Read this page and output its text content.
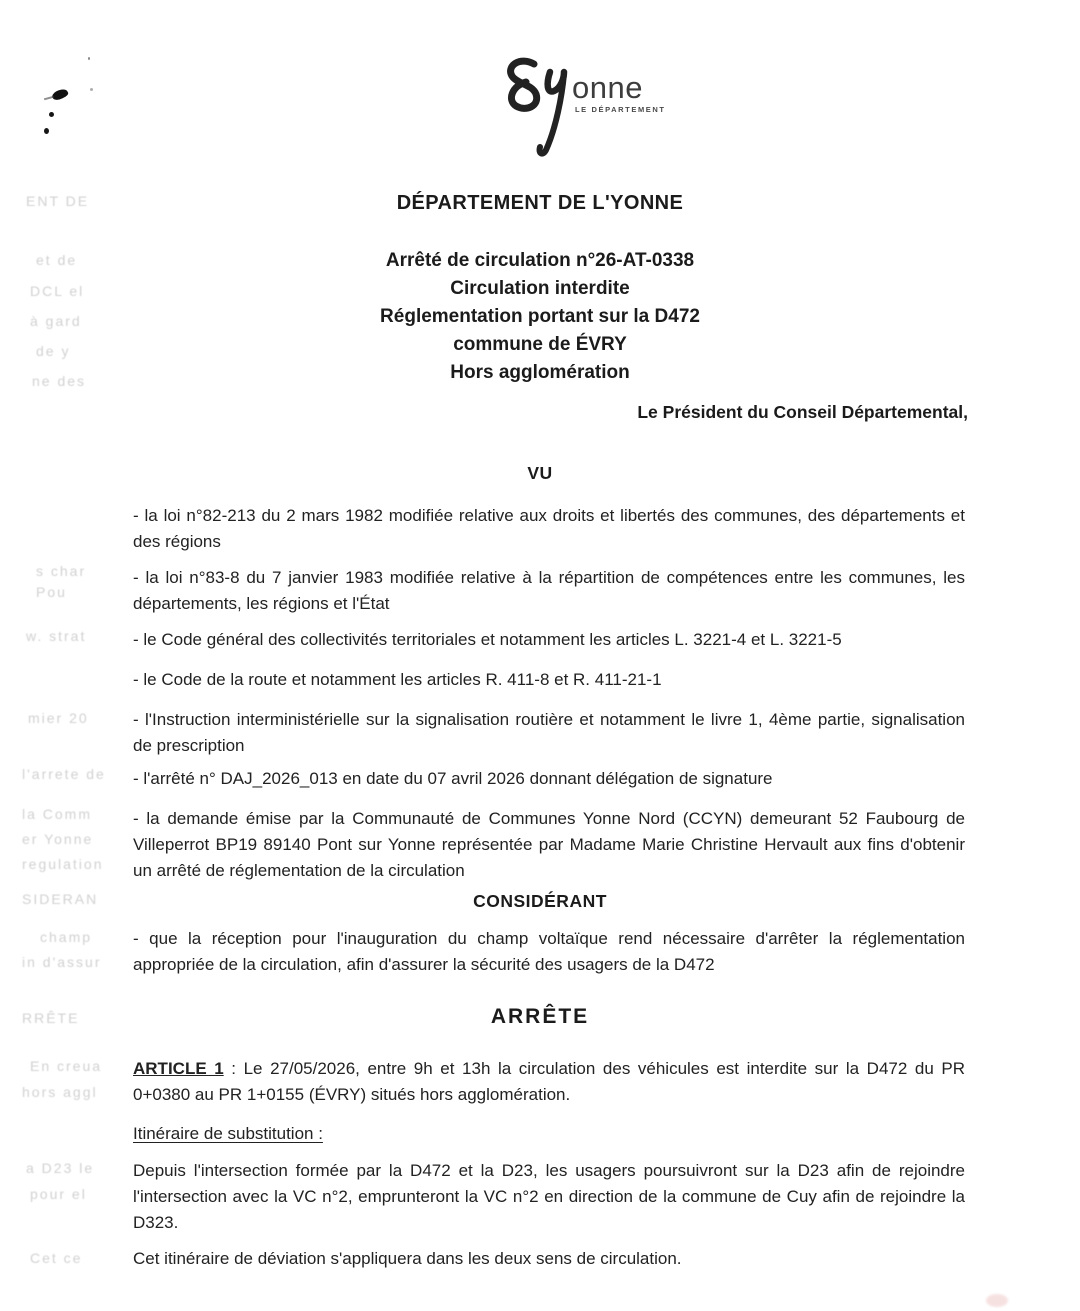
ENT DE
et de
DCL el
à gard
de y
ne des
s char
Pou
w. strat
mier 20
l'arrete de
la Comm
er Yonne
regulation
SIDERAN
champ
in d'assur
RRÊTE
En creua
hors aggl
a D23 le
pour el
Cet ce
onne
LE DÉPARTEMENT
DÉPARTEMENT DE L'YONNE
Arrêté de circulation n°26-AT-0338
Circulation interdite
Réglementation portant sur la D472
commune de ÉVRY
Hors agglomération
Le Président du Conseil Départemental,
VU
- la loi n°82-213 du 2 mars 1982 modifiée relative aux droits et libertés des communes, des départements et des régions
- la loi n°83-8 du 7 janvier 1983 modifiée relative à la répartition de compétences entre les communes, les départements, les régions et l'État
- le Code général des collectivités territoriales et notamment les articles L. 3221-4 et L. 3221-5
- le Code de la route et notamment les articles R. 411-8 et R. 411-21-1
- l'Instruction interministérielle sur la signalisation routière et notamment le livre 1, 4ème partie, signalisation de prescription
- l'arrêté n° DAJ_2026_013 en date du 07 avril 2026 donnant délégation de signature
- la demande émise par la Communauté de Communes Yonne Nord (CCYN) demeurant 52 Faubourg de Villeperrot BP19 89140 Pont sur Yonne représentée par Madame Marie Christine Hervault aux fins d'obtenir un arrêté de réglementation de la circulation
CONSIDÉRANT
- que la réception pour l'inauguration du champ voltaïque rend nécessaire d'arrêter la réglementation appropriée de la circulation, afin d'assurer la sécurité des usagers de la D472
ARRÊTE
ARTICLE 1 : Le 27/05/2026, entre 9h et 13h la circulation des véhicules est interdite sur la D472 du PR 0+0380 au PR 1+0155 (ÉVRY) situés hors agglomération.
Itinéraire de substitution :
Depuis l'intersection formée par la D472 et la D23, les usagers poursuivront sur la D23 afin de rejoindre l'intersection avec la VC n°2, emprunteront la VC n°2 en direction de la commune de Cuy afin de rejoindre la D323.
Cet itinéraire de déviation s'appliquera dans les deux sens de circulation.
